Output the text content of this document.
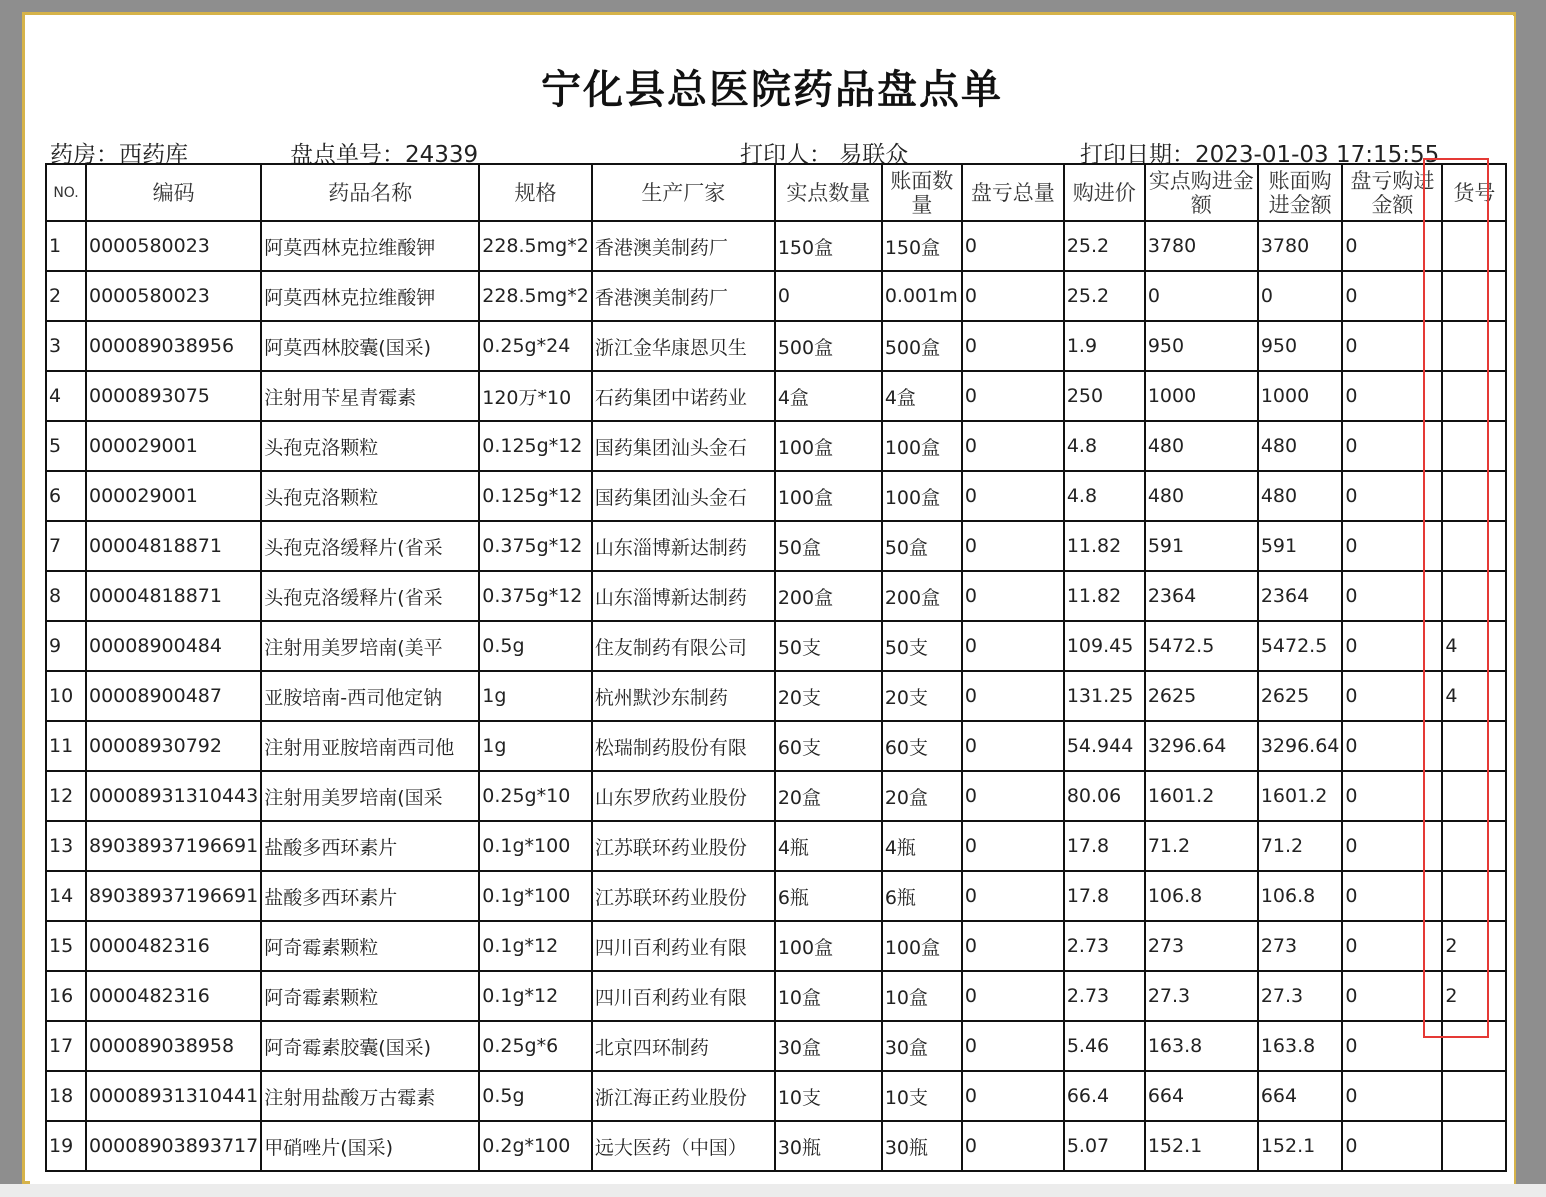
宁化县总医院药品盘点单
药房：西药库	盘点单号：24339	打印人： 易联众	打印日期：2023-01-03 17:15:55
NO.	编码	药品名称	规格	生产厂家	实点数量	账面数量	盘亏总量	购进价	实点购进金额	账面购进金额	盘亏购进金额	货号
1	0000580023	阿莫西林克拉维酸钾	228.5mg*2	香港澳美制药厂	150盒	150盒	0	25.2	3780	3780	0	
2	0000580023	阿莫西林克拉维酸钾	228.5mg*2	香港澳美制药厂	0	0.001m	0	25.2	0	0	0	
3	000089038956	阿莫西林胶囊(国采)	0.25g*24	浙江金华康恩贝生	500盒	500盒	0	1.9	950	950	0	
4	0000893075	注射用苄星青霉素	120万*10	石药集团中诺药业	4盒	4盒	0	250	1000	1000	0	
5	000029001	头孢克洛颗粒	0.125g*12	国药集团汕头金石	100盒	100盒	0	4.8	480	480	0	
6	000029001	头孢克洛颗粒	0.125g*12	国药集团汕头金石	100盒	100盒	0	4.8	480	480	0	
7	00004818871	头孢克洛缓释片(省采	0.375g*12	山东淄博新达制药	50盒	50盒	0	11.82	591	591	0	
8	00004818871	头孢克洛缓释片(省采	0.375g*12	山东淄博新达制药	200盒	200盒	0	11.82	2364	2364	0	
9	00008900484	注射用美罗培南(美平	0.5g	住友制药有限公司	50支	50支	0	109.45	5472.5	5472.5	0	4
10	00008900487	亚胺培南-西司他定钠	1g	杭州默沙东制药	20支	20支	0	131.25	2625	2625	0	4
11	00008930792	注射用亚胺培南西司他	1g	松瑞制药股份有限	60支	60支	0	54.944	3296.64	3296.64	0	
12	00008931310443	注射用美罗培南(国采	0.25g*10	山东罗欣药业股份	20盒	20盒	0	80.06	1601.2	1601.2	0	
13	89038937196691	盐酸多西环素片	0.1g*100	江苏联环药业股份	4瓶	4瓶	0	17.8	71.2	71.2	0	
14	89038937196691	盐酸多西环素片	0.1g*100	江苏联环药业股份	6瓶	6瓶	0	17.8	106.8	106.8	0	
15	0000482316	阿奇霉素颗粒	0.1g*12	四川百利药业有限	100盒	100盒	0	2.73	273	273	0	2
16	0000482316	阿奇霉素颗粒	0.1g*12	四川百利药业有限	10盒	10盒	0	2.73	27.3	27.3	0	2
17	000089038958	阿奇霉素胶囊(国采)	0.25g*6	北京四环制药	30盒	30盒	0	5.46	163.8	163.8	0	
18	00008931310441	注射用盐酸万古霉素	0.5g	浙江海正药业股份	10支	10支	0	66.4	664	664	0	
19	00008903893717	甲硝唑片(国采)	0.2g*100	远大医药（中国）	30瓶	30瓶	0	5.07	152.1	152.1	0	
